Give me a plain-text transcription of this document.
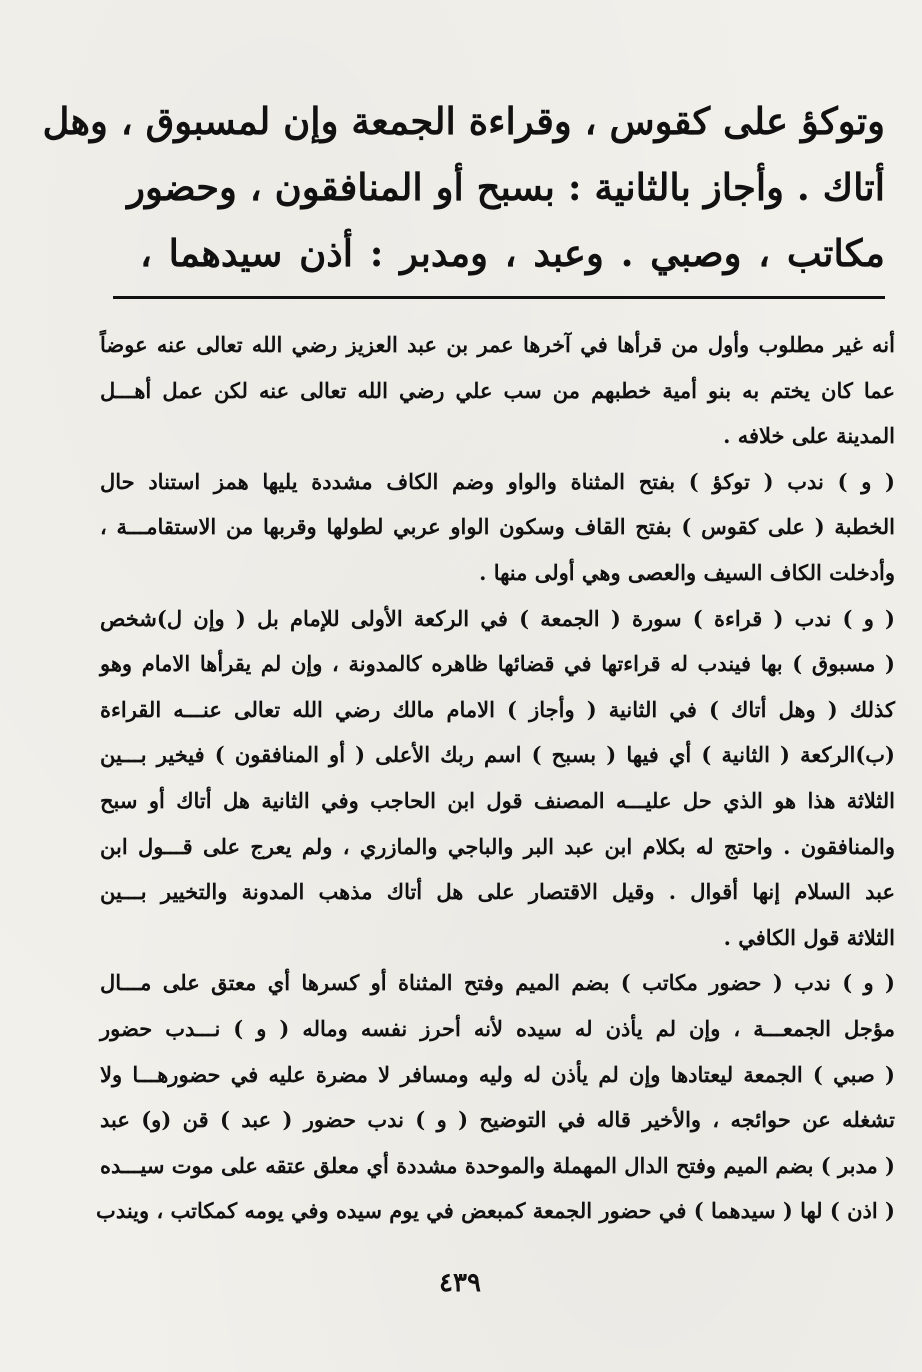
وتوكؤ على كقوس ، وقراءة الجمعة وإن لمسبوق ، وهل
أتاك . وأجاز بالثانية : بسبح أو المنافقون ، وحضور
مكاتب ، وصبي . وعبد ، ومدبر : أذن سيدهما ،
أنه غير مطلوب وأول من قرأها في آخرها عمر بن عبد العزيز رضي الله تعالى عنه عوضاً
عما كان يختم به بنو أمية خطبهم من سب علي رضي الله تعالى عنه لكن عمل أهـــل
المدينة على خلافه .
( و ) ندب ( توكؤ ) بفتح المثناة والواو وضم الكاف مشددة يليها همز استناد حال
الخطبة ( على كقوس ) بفتح القاف وسكون الواو عربي لطولها وقربها من الاستقامـــة ،
وأدخلت الكاف السيف والعصى وهي أولى منها .
( و ) ندب ( قراءة ) سورة ( الجمعة ) في الركعة الأولى للإمام بل ( وإن ل)شخص
( مسبوق ) بها فيندب له قراءتها في قضائها ظاهره كالمدونة ، وإن لم يقرأها الامام وهو
كذلك ( وهل أتاك ) في الثانية ( وأجاز ) الامام مالك رضي الله تعالى عنـــه القراءة
(ب)الركعة ( الثانية ) أي فيها ( بسبح ) اسم ربك الأعلى ( أو المنافقون ) فيخير بـــين
الثلاثة هذا هو الذي حل عليـــه المصنف قول ابن الحاجب وفي الثانية هل أتاك أو سبح
والمنافقون . واحتج له بكلام ابن عبد البر والباجي والمازري ، ولم يعرج على قـــول ابن
عبد السلام إنها أقوال . وقيل الاقتصار على هل أتاك مذهب المدونة والتخيير بـــين
الثلاثة قول الكافي .
( و ) ندب ( حضور مكاتب ) بضم الميم وفتح المثناة أو كسرها أي معتق على مـــال
مؤجل الجمعـــة ، وإن لم يأذن له سيده لأنه أحرز نفسه وماله ( و ) نـــدب حضور
( صبي ) الجمعة ليعتادها وإن لم يأذن له وليه ومسافر لا مضرة عليه في حضورهـــا ولا
تشغله عن حوائجه ، والأخير قاله في التوضيح ( و ) ندب حضور ( عبد ) قن (و) عبد
( مدبر ) بضم الميم وفتح الدال المهملة والموحدة مشددة أي معلق عتقه على موت سيـــده
( اذن ) لها ( سيدهما ) في حضور الجمعة كمبعض في يوم سيده وفي يومه كمكاتب ، ويندب
٤٣٩
